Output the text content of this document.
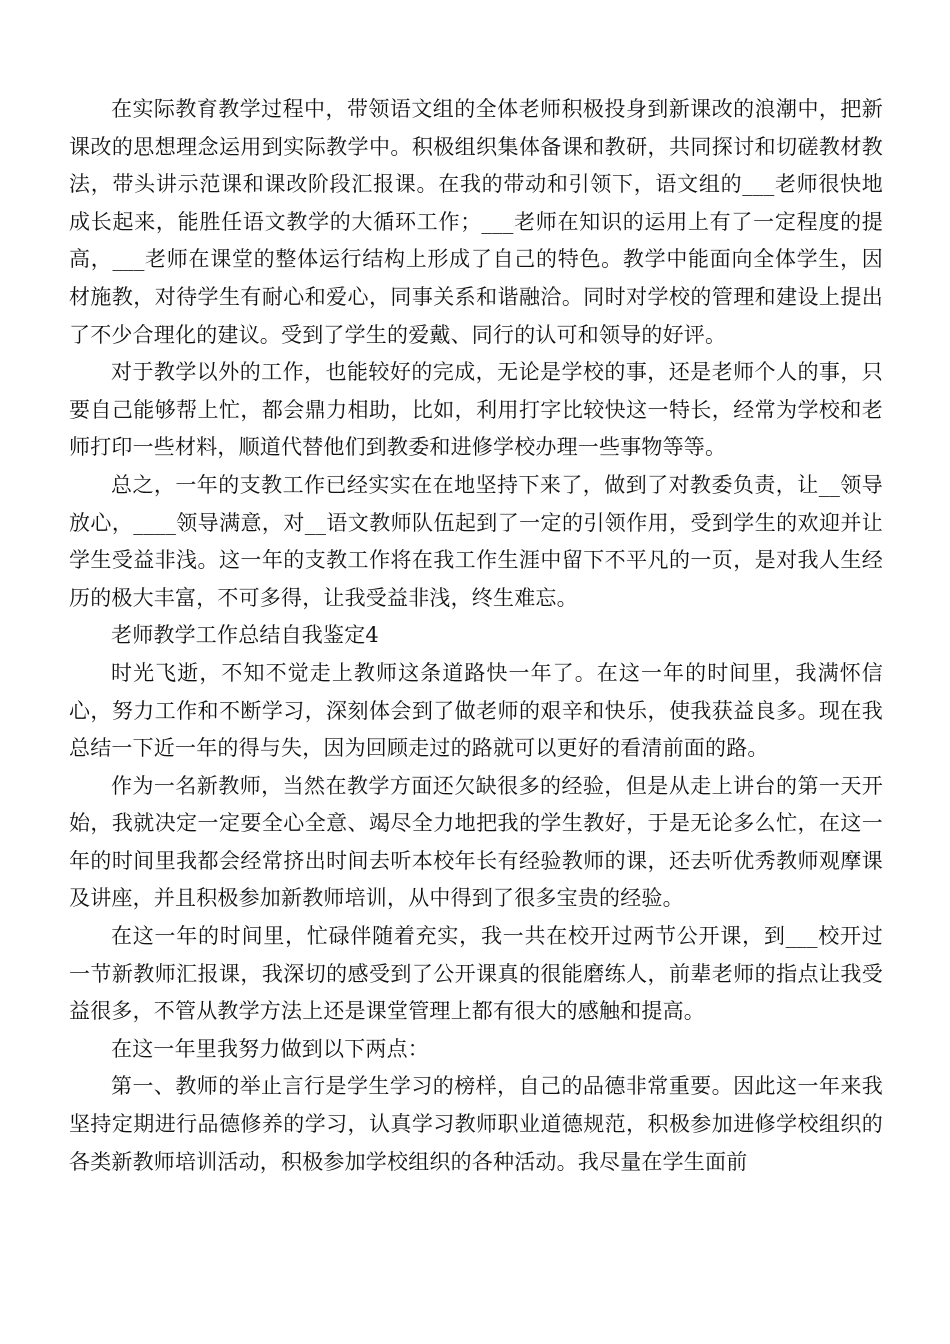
在实际教育教学过程中，带领语文组的全体老师积极投身到新课改的浪潮中，把新课改的思想理念运用到实际教学中。积极组织集体备课和教研，共同探讨和切磋教材教法，带头讲示范课和课改阶段汇报课。在我的带动和引领下，语文组的___老师很快地成长起来，能胜任语文教学的大循环工作；___老师在知识的运用上有了一定程度的提高，___老师在课堂的整体运行结构上形成了自己的特色。教学中能面向全体学生，因材施教，对待学生有耐心和爱心，同事关系和谐融洽。同时对学校的管理和建设上提出了不少合理化的建议。受到了学生的爱戴、同行的认可和领导的好评。

对于教学以外的工作，也能较好的完成，无论是学校的事，还是老师个人的事，只要自己能够帮上忙，都会鼎力相助，比如，利用打字比较快这一特长，经常为学校和老师打印一些材料，顺道代替他们到教委和进修学校办理一些事物等等。

总之，一年的支教工作已经实实在在地坚持下来了，做到了对教委负责，让__领导放心，____领导满意，对__语文教师队伍起到了一定的引领作用，受到学生的欢迎并让学生受益非浅。这一年的支教工作将在我工作生涯中留下不平凡的一页，是对我人生经历的极大丰富，不可多得，让我受益非浅，终生难忘。

老师教学工作总结自我鉴定4

时光飞逝，不知不觉走上教师这条道路快一年了。在这一年的时间里，我满怀信心，努力工作和不断学习，深刻体会到了做老师的艰辛和快乐，使我获益良多。现在我总结一下近一年的得与失，因为回顾走过的路就可以更好的看清前面的路。

作为一名新教师，当然在教学方面还欠缺很多的经验，但是从走上讲台的第一天开始，我就决定一定要全心全意、竭尽全力地把我的学生教好，于是无论多么忙，在这一年的时间里我都会经常挤出时间去听本校年长有经验教师的课，还去听优秀教师观摩课及讲座，并且积极参加新教师培训，从中得到了很多宝贵的经验。

在这一年的时间里，忙碌伴随着充实，我一共在校开过两节公开课，到___校开过一节新教师汇报课，我深切的感受到了公开课真的很能磨练人，前辈老师的指点让我受益很多，不管从教学方法上还是课堂管理上都有很大的感触和提高。

在这一年里我努力做到以下两点：

第一、教师的举止言行是学生学习的榜样，自己的品德非常重要。因此这一年来我坚持定期进行品德修养的学习，认真学习教师职业道德规范，积极参加进修学校组织的各类新教师培训活动，积极参加学校组织的各种活动。我尽量在学生面前
